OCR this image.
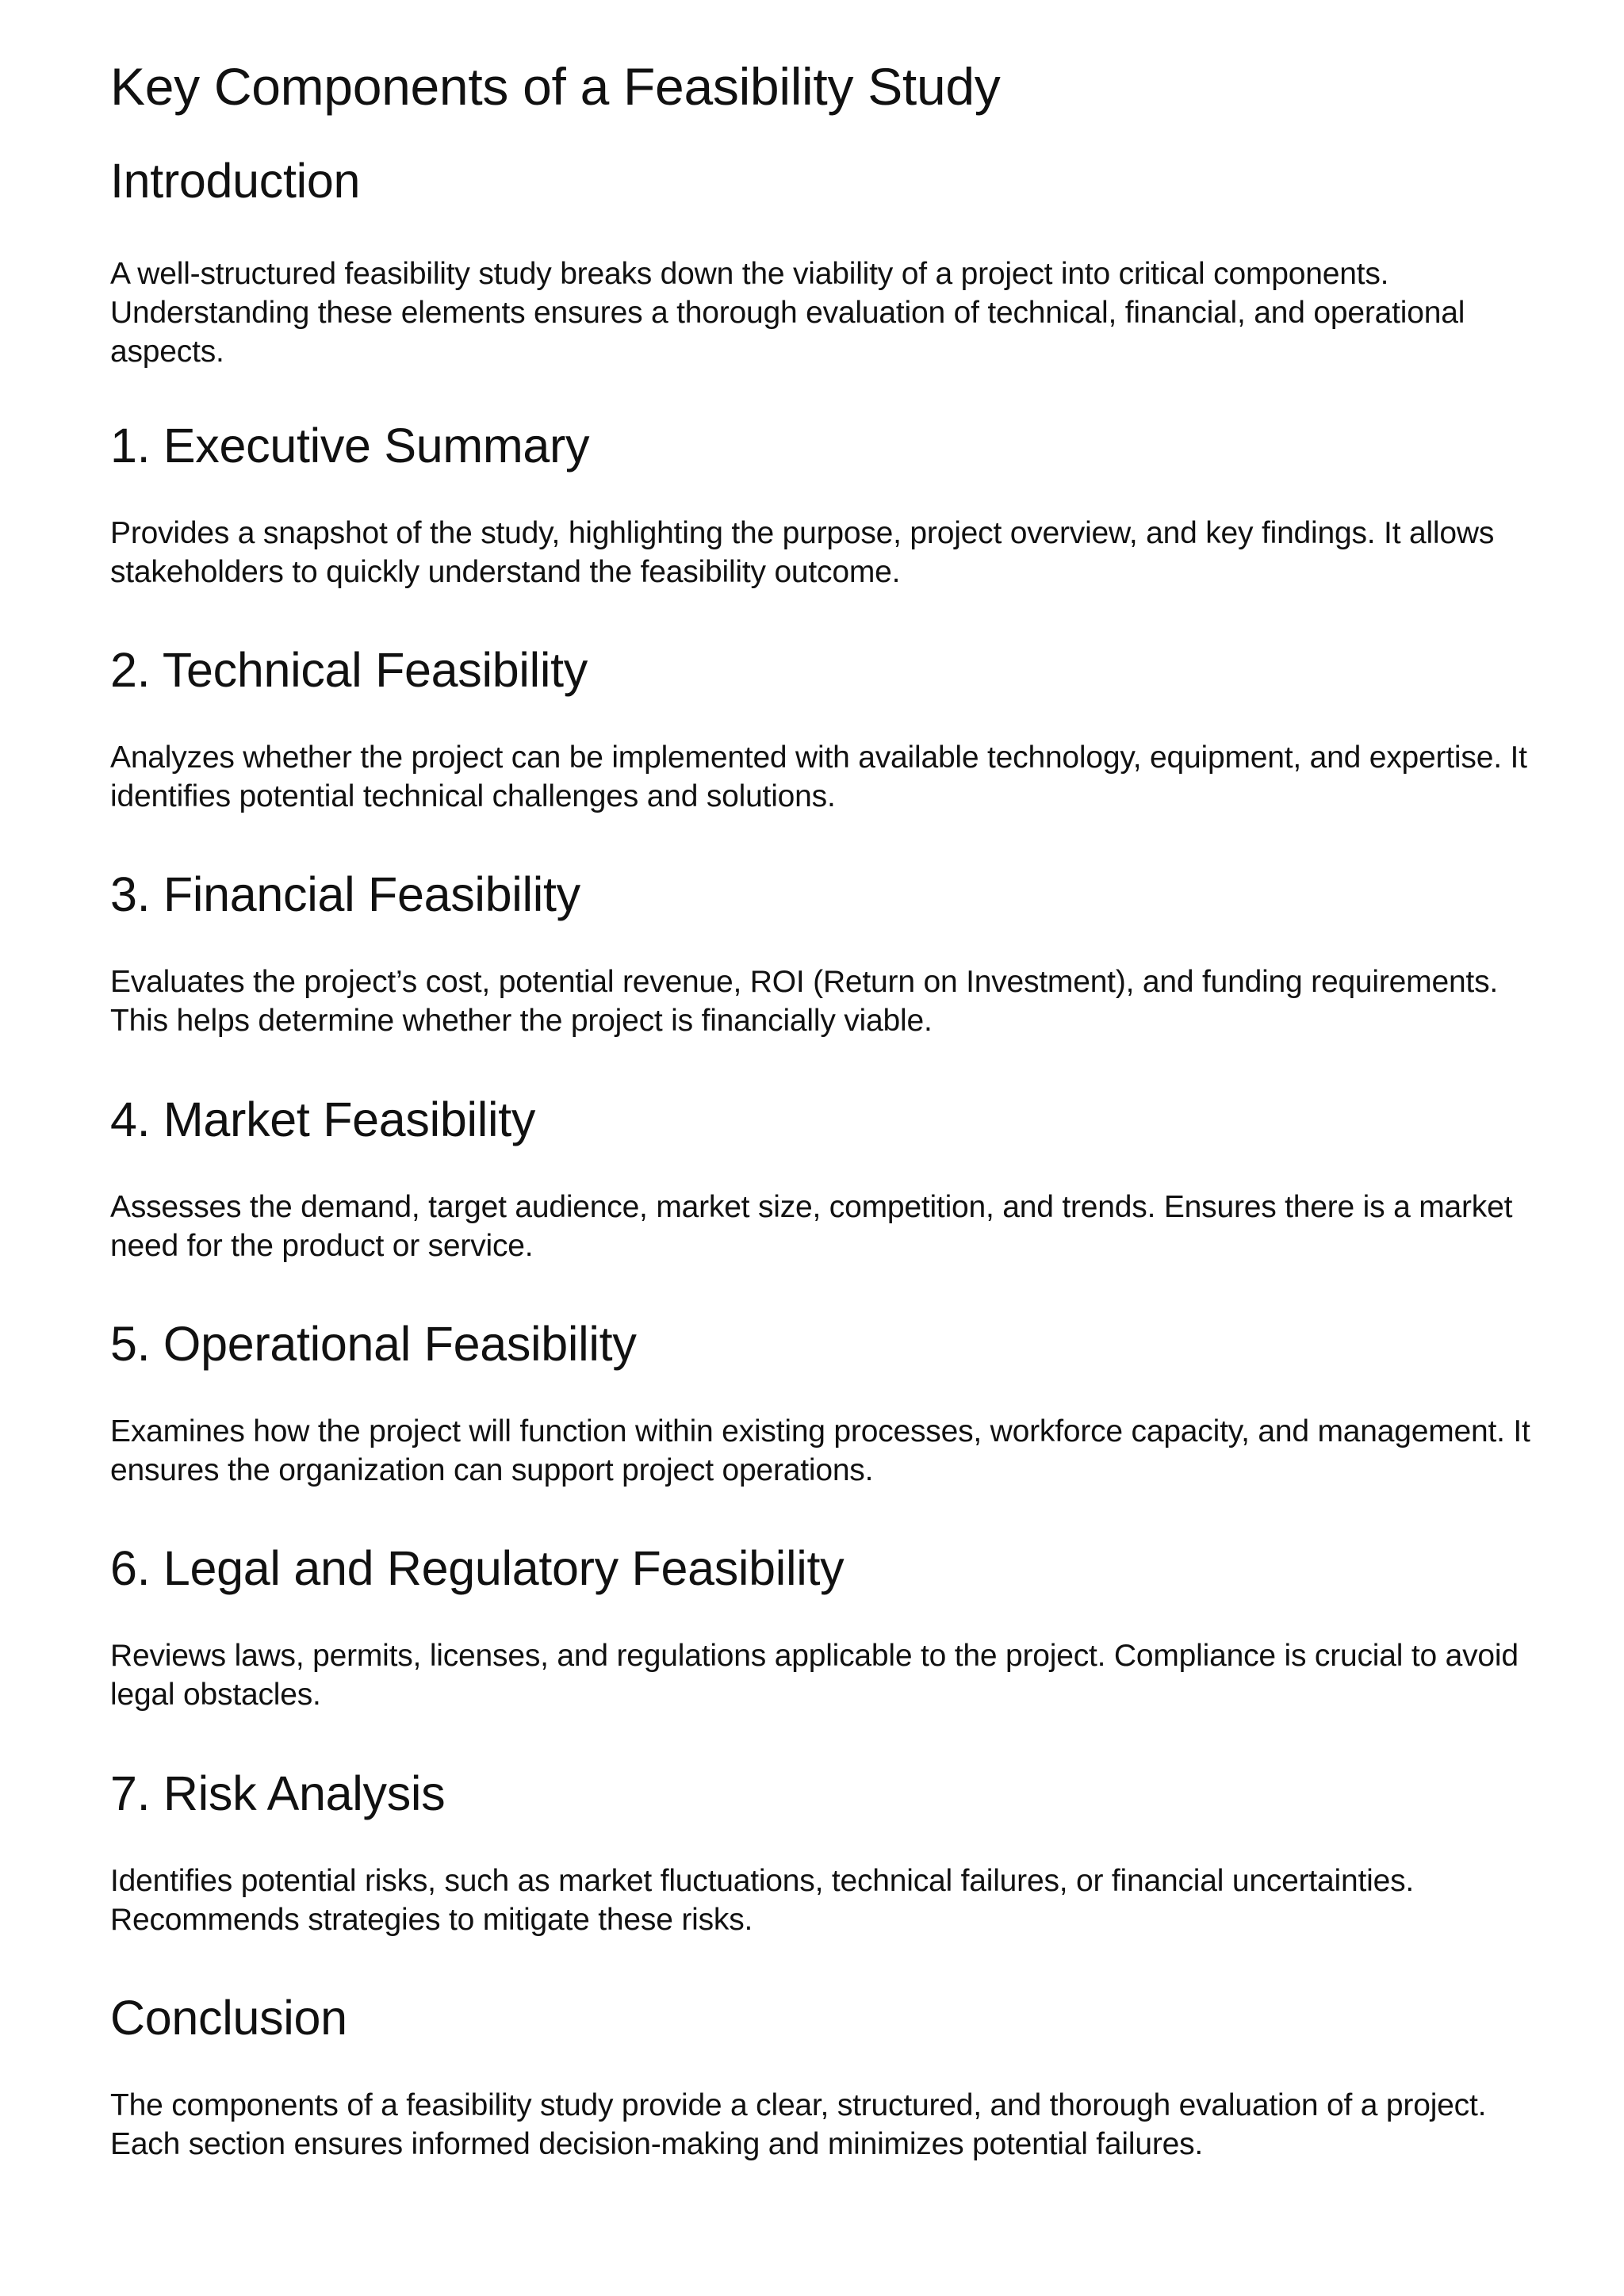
Key Components of a Feasibility Study
Introduction

A well-structured feasibility study breaks down the viability of a project into critical components. Understanding these elements ensures a thorough evaluation of technical, financial, and operational aspects.

1. Executive Summary

Provides a snapshot of the study, highlighting the purpose, project overview, and key findings. It allows stakeholders to quickly understand the feasibility outcome.

2. Technical Feasibility

Analyzes whether the project can be implemented with available technology, equipment, and expertise. It identifies potential technical challenges and solutions.

3. Financial Feasibility

Evaluates the project’s cost, potential revenue, ROI (Return on Investment), and funding requirements. This helps determine whether the project is financially viable.

4. Market Feasibility

Assesses the demand, target audience, market size, competition, and trends. Ensures there is a market need for the product or service.

5. Operational Feasibility

Examines how the project will function within existing processes, workforce capacity, and management. It ensures the organization can support project operations.

6. Legal and Regulatory Feasibility

Reviews laws, permits, licenses, and regulations applicable to the project. Compliance is crucial to avoid legal obstacles.

7. Risk Analysis

Identifies potential risks, such as market fluctuations, technical failures, or financial uncertainties. Recommends strategies to mitigate these risks.

Conclusion

The components of a feasibility study provide a clear, structured, and thorough evaluation of a project. Each section ensures informed decision-making and minimizes potential failures.
